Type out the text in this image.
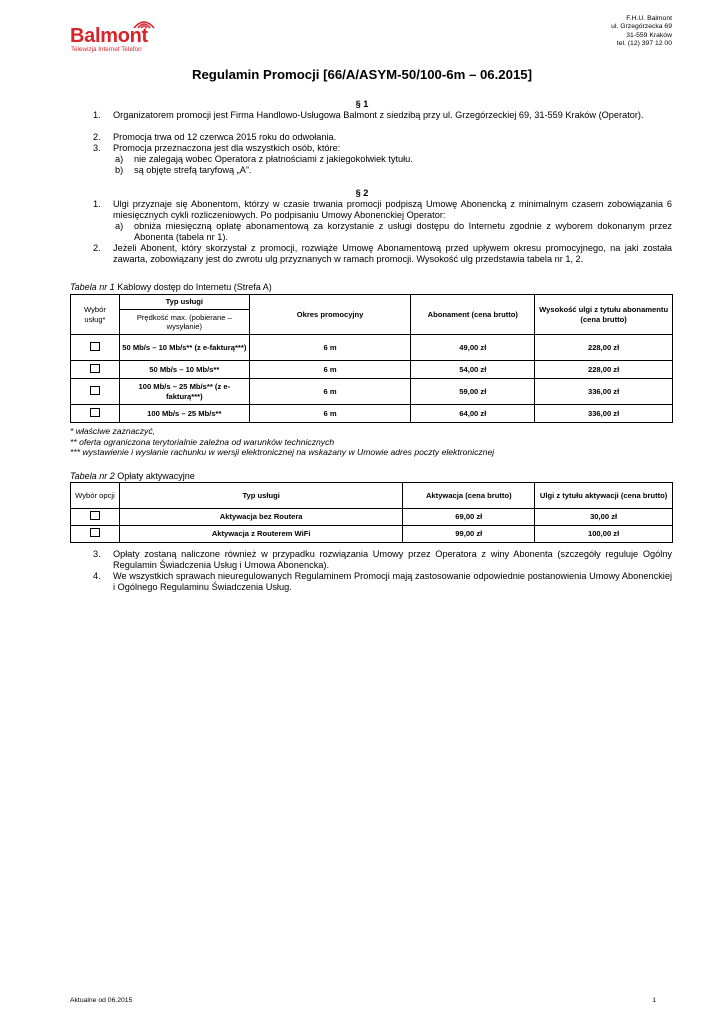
Balmont
Telewizja Internet Telefon
F.H.U. Balmont
ul. Grzegórzecka 69
31-559 Kraków
tel. (12) 397 12 00
Regulamin Promocji [66/A/ASYM-50/100-6m – 06.2015]
§ 1
1.	Organizatorem promocji jest Firma Handlowo-Usługowa Balmont z siedzibą przy ul. Grzegórzeckiej 69, 31-559 Kraków (Operator).
2.	Promocja trwa od 12 czerwca 2015 roku do odwołania.
3.	Promocja przeznaczona jest dla wszystkich osób, które:
a)	nie zalegają wobec Operatora z płatnościami z jakiegokolwiek tytułu.
b)	są objęte strefą taryfową „A”.
§ 2
1.	Ulgi przyznaje się Abonentom, którzy w czasie trwania promocji podpiszą Umowę Abonencką z minimalnym czasem zobowiązania 6 miesięcznych cykli rozliczeniowych. Po podpisaniu Umowy Abonenckiej Operator:
a)	obniża miesięczną opłatę abonamentową za korzystanie z usługi dostępu do Internetu zgodnie z wyborem dokonanym przez Abonenta (tabela nr 1).
2.	Jeżeli Abonent, który skorzystał z promocji, rozwiąże Umowę Abonamentową przed upływem okresu promocyjnego, na jaki została zawarta, zobowiązany jest do zwrotu ulg przyznanych w ramach promocji. Wysokość ulg przedstawia tabela nr 1, 2.
Tabela nr 1 Kablowy dostęp do Internetu (Strefa A)
Wybór usług*	Typ usługi	Okres promocyjny	Abonament (cena brutto)	Wysokość ulgi z tytułu abonamentu (cena brutto)
	Prędkość max. (pobierane – wysyłanie)			
	50 Mb/s – 10 Mb/s** (z e-fakturą***)	6 m	49,00 zł	228,00 zł
	50 Mb/s – 10 Mb/s**	6 m	54,00 zł	228,00 zł
	100 Mb/s – 25 Mb/s** (z e-fakturą***)	6 m	59,00 zł	336,00 zł
	100 Mb/s – 25 Mb/s**	6 m	64,00 zł	336,00 zł
* właściwe zaznaczyć,
** oferta ograniczona terytorialnie zależna od warunków technicznych
*** wystawienie i wysłanie rachunku w wersji elektronicznej na wskazany w Umowie adres poczty elektronicznej
Tabela nr 2 Opłaty aktywacyjne
Wybór opcji	Typ usługi	Aktywacja (cena brutto)	Ulgi z tytułu aktywacji (cena brutto)
	Aktywacja bez Routera	69,00 zł	30,00 zł
	Aktywacja z Routerem WiFi	99,00 zł	100,00 zł
3.	Opłaty zostaną naliczone również w przypadku rozwiązania Umowy przez Operatora z winy Abonenta (szczegóły reguluje Ogólny Regulamin Świadczenia Usług i Umowa Abonencka).
4.	We wszystkich sprawach nieuregulowanych Regulaminem Promocji mają zastosowanie odpowiednie postanowienia Umowy Abonenckiej i Ogólnego Regulaminu Świadczenia Usług.
Aktualne od 06.2015	1
